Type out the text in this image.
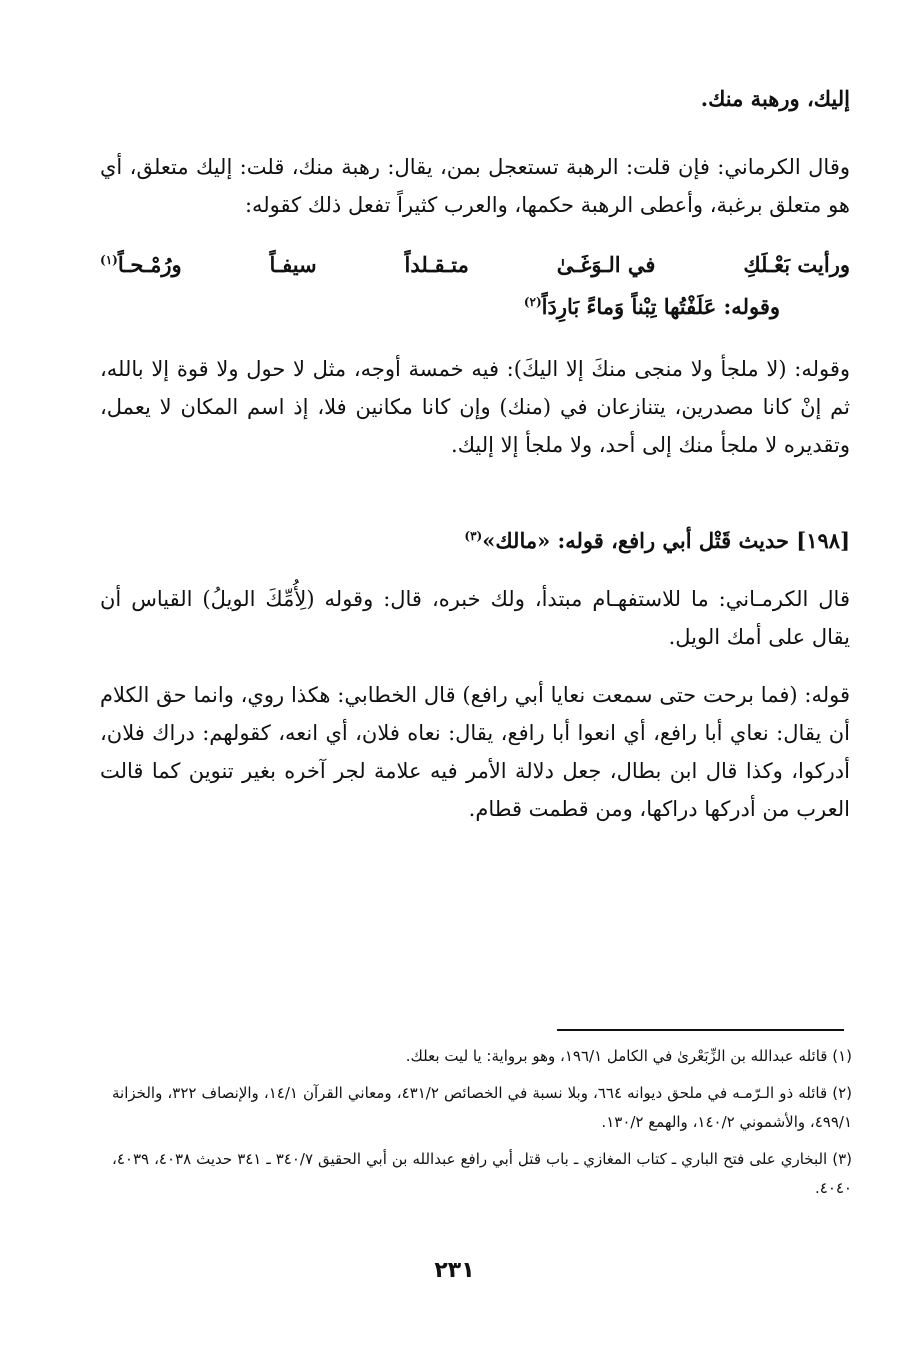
إليك، ورهبة منك.

وقال الكرماني: فإن قلت: الرهبة تستعجل بمن، يقال: رهبة منك، قلت: إليك متعلق، أي هو متعلق برغبة، وأعطى الرهبة حكمها، والعرب كثيراً تفعل ذلك كقوله:

ورأيت بَعْـلَكِ
في الـوَغَـىٰ
متـقـلداً
سيفـاً
ورُمْـحـاً$^{(١)}$

وقوله: عَلَفْتُها تِبْناً وَماءً بَارِدَاً$^{(٢)}$

وقوله: (لا ملجأ ولا منجى منكَ إلا اليكَ): فيه خمسة أوجه، مثل لا حول ولا قوة إلا بالله، ثم إنْ كانا مصدرين، يتنازعان في (منك) وإن كانا مكانين فلا، إذ اسم المكان لا يعمل، وتقديره لا ملجأ منك إلى أحد، ولا ملجأ إلا إليك.

[١٩٨] حديث قَتْل أبي رافع، قوله: «مالك»$^{(٣)}$

قال الكرمـاني: ما للاستفهـام مبتدأ، ولك خبره، قال: وقوله (لِأُمِّكَ الويلُ) القياس أن يقال على أمك الويل.

قوله: (فما برحت حتى سمعت نعايا أبي رافع) قال الخطابي: هكذا روي، وانما حق الكلام أن يقال: نعاي أبا رافع، أي انعوا أبا رافع، يقال: نعاه فلان، أي انعه، كقولهم: دراك فلان، أدركوا، وكذا قال ابن بطال، جعل دلالة الأمر فيه علامة لجر آخره بغير تنوين كما قالت العرب من أدركها دراكها، ومن قطمت قطام.

(١) قائله عبدالله بن الزِّبَعْرىٰ في الكامل ١٩٦/١، وهو برواية: يا ليت بعلك.

(٢) قائله ذو الـرّمـه في ملحق ديوانه ٦٦٤، وبلا نسبة في الخصائص ٤٣١/٢، ومعاني القرآن ١٤/١، والإنصاف ٣٢٢، والخزانة ٤٩٩/١، والأشموني ١٤٠/٢، والهمع ١٣٠/٢.

(٣) البخاري على فتح الباري ـ كتاب المغازي ـ باب قتل أبي رافع عبدالله بن أبي الحقيق ٣٤٠/٧ ـ ٣٤١ حديث ٤٠٣٨، ٤٠٣٩، ٤٠٤٠.

٢٣١
